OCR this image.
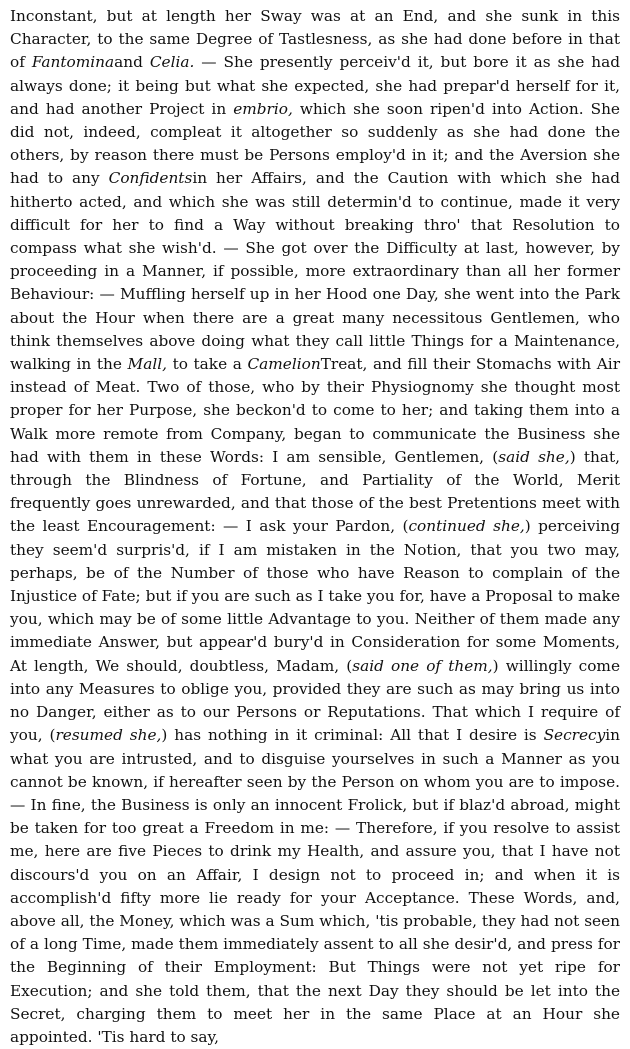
Inconstant, but at length her Sway was at an End, and she sunk in this Character, to the same Degree of Tastlesness, as she had done before in that of Fantominaand Celia. — She presently perceiv'd it, but bore it as she had always done; it being but what she expected, she had prepar'd herself for it, and had another Project in embrio, which she soon ripen'd into Action. She did not, indeed, compleat it altogether so suddenly as she had done the others, by reason there must be Persons employ'd in it; and the Aversion she had to any Confidentsin her Affairs, and the Caution with which she had hitherto acted, and which she was still determin'd to continue, made it very difficult for her to find a Way without breaking thro' that Resolution to compass what she wish'd. — She got over the Difficulty at last, however, by proceeding in a Manner, if possible, more extraordinary than all her former Behaviour: — Muffling herself up in her Hood one Day, she went into the Park about the Hour when there are a great many necessitous Gentlemen, who think themselves above doing what they call little Things for a Maintenance, walking in the Mall, to take a CamelionTreat, and fill their Stomachs with Air instead of Meat. Two of those, who by their Physiognomy she thought most proper for her Purpose, she beckon'd to come to her; and taking them into a Walk more remote from Company, began to communicate the Business she had with them in these Words: I am sensible, Gentlemen, (said she,) that, through the Blindness of Fortune, and Partiality of the World, Merit frequently goes unrewarded, and that those of the best Pretentions meet with the least Encouragement: — I ask your Pardon, (continued she,) perceiving they seem'd surpris'd, if I am mistaken in the Notion, that you two may, perhaps, be of the Number of those who have Reason to complain of the Injustice of Fate; but if you are such as I take you for, have a Proposal to make you, which may be of some little Advantage to you. Neither of them made any immediate Answer, but appear'd bury'd in Consideration for some Moments, At length, We should, doubtless, Madam, (said one of them,) willingly come into any Measures to oblige you, provided they are such as may bring us into no Danger, either as to our Persons or Reputations. That which I require of you, (resumed she,) has nothing in it criminal: All that I desire is Secrecyin what you are intrusted, and to disguise yourselves in such a Manner as you cannot be known, if hereafter seen by the Person on whom you are to impose. — In fine, the Business is only an innocent Frolick, but if blaz'd abroad, might be taken for too great a Freedom in me: — Therefore, if you resolve to assist me, here are five Pieces to drink my Health, and assure you, that I have not discours'd you on an Affair, I design not to proceed in; and when it is accomplish'd fifty more lie ready for your Acceptance. These Words, and, above all, the Money, which was a Sum which, 'tis probable, they had not seen of a long Time, made them immediately assent to all she desir'd, and press for the Beginning of their Employment: But Things were not yet ripe for Execution; and she told them, that the next Day they should be let into the Secret, charging them to meet her in the same Place at an Hour she appointed. 'Tis hard to say,
